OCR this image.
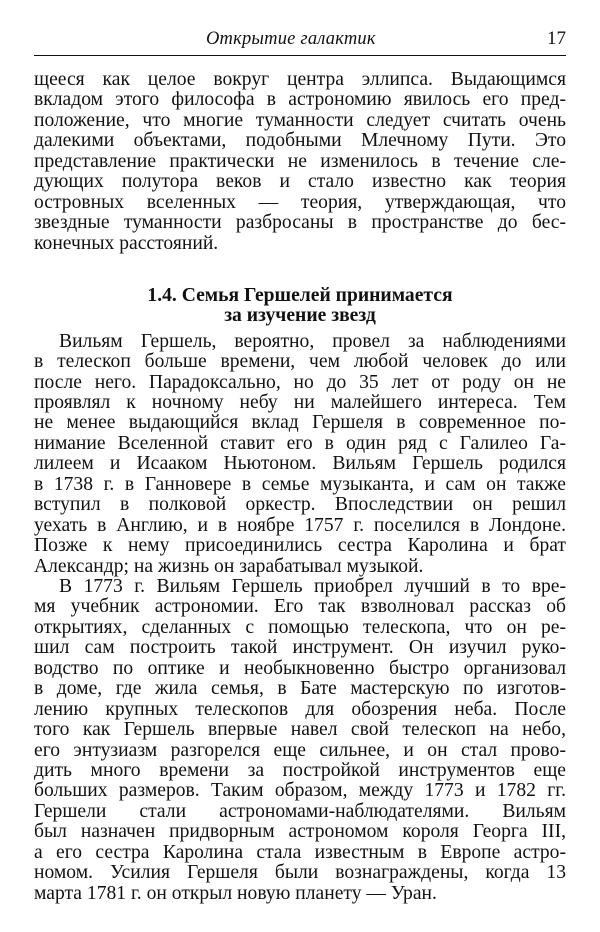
Открытие галактик	17
щееся как целое вокруг центра эллипса. Выдающимся
вкладом этого философа в астрономию явилось его пред-
положение, что многие туманности следует считать очень
далекими объектами, подобными Млечному Пути. Это
представление практически не изменилось в течение сле-
дующих полутора веков и стало известно как теория
островных вселенных — теория, утверждающая, что
звездные туманности разбросаны в пространстве до бес-
конечных расстояний.
1.4. Семья Гершелей принимается
за изучение звезд
Вильям Гершель, вероятно, провел за наблюдениями
в телескоп больше времени, чем любой человек до или
после него. Парадоксально, но до 35 лет от роду он не
проявлял к ночному небу ни малейшего интереса. Тем
не менее выдающийся вклад Гершеля в современное по-
нимание Вселенной ставит его в один ряд с Галилео Га-
лилеем и Исааком Ньютоном. Вильям Гершель родился
в 1738 г. в Ганновере в семье музыканта, и сам он также
вступил в полковой оркестр. Впоследствии он решил
уехать в Англию, и в ноябре 1757 г. поселился в Лондоне.
Позже к нему присоединились сестра Каролина и брат
Александр; на жизнь он зарабатывал музыкой.
В 1773 г. Вильям Гершель приобрел лучший в то вре-
мя учебник астрономии. Его так взволновал рассказ об
открытиях, сделанных с помощью телескопа, что он ре-
шил сам построить такой инструмент. Он изучил руко-
водство по оптике и необыкновенно быстро организовал
в доме, где жила семья, в Бате мастерскую по изготов-
лению крупных телескопов для обозрения неба. После
того как Гершель впервые навел свой телескоп на небо,
его энтузиазм разгорелся еще сильнее, и он стал прово-
дить много времени за постройкой инструментов еще
больших размеров. Таким образом, между 1773 и 1782 гг.
Гершели стали астрономами-наблюдателями. Вильям
был назначен придворным астрономом короля Георга III,
а его сестра Каролина стала известным в Европе астро-
номом. Усилия Гершеля были вознаграждены, когда 13
марта 1781 г. он открыл новую планету — Уран.
